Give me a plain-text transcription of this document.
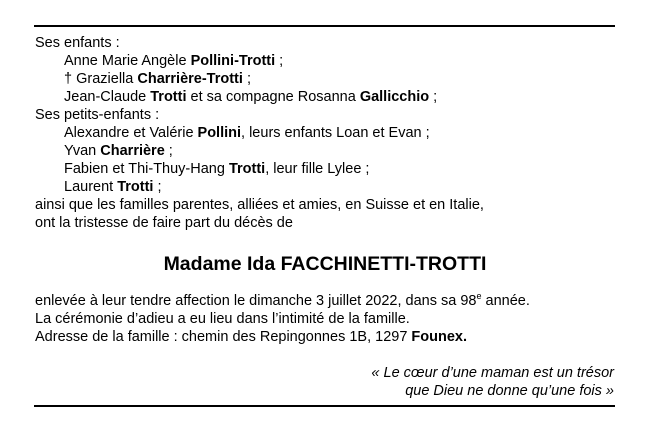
Ses enfants :
Anne Marie Angèle Pollini-Trotti ;
† Graziella Charrière-Trotti ;
Jean-Claude Trotti et sa compagne Rosanna Gallicchio ;
Ses petits-enfants :
Alexandre et Valérie Pollini, leurs enfants Loan et Evan ;
Yvan Charrière ;
Fabien et Thi-Thuy-Hang Trotti, leur fille Lylee ;
Laurent Trotti ;
ainsi que les familles parentes, alliées et amies, en Suisse et en Italie,
ont la tristesse de faire part du décès de
Madame Ida FACCHINETTI-TROTTI
enlevée à leur tendre affection le dimanche 3 juillet 2022, dans sa 98e année.
La cérémonie d’adieu a eu lieu dans l’intimité de la famille.
Adresse de la famille : chemin des Repingonnes 1B, 1297 Founex.
« Le cœur d’une maman est un trésor
que Dieu ne donne qu’une fois »
